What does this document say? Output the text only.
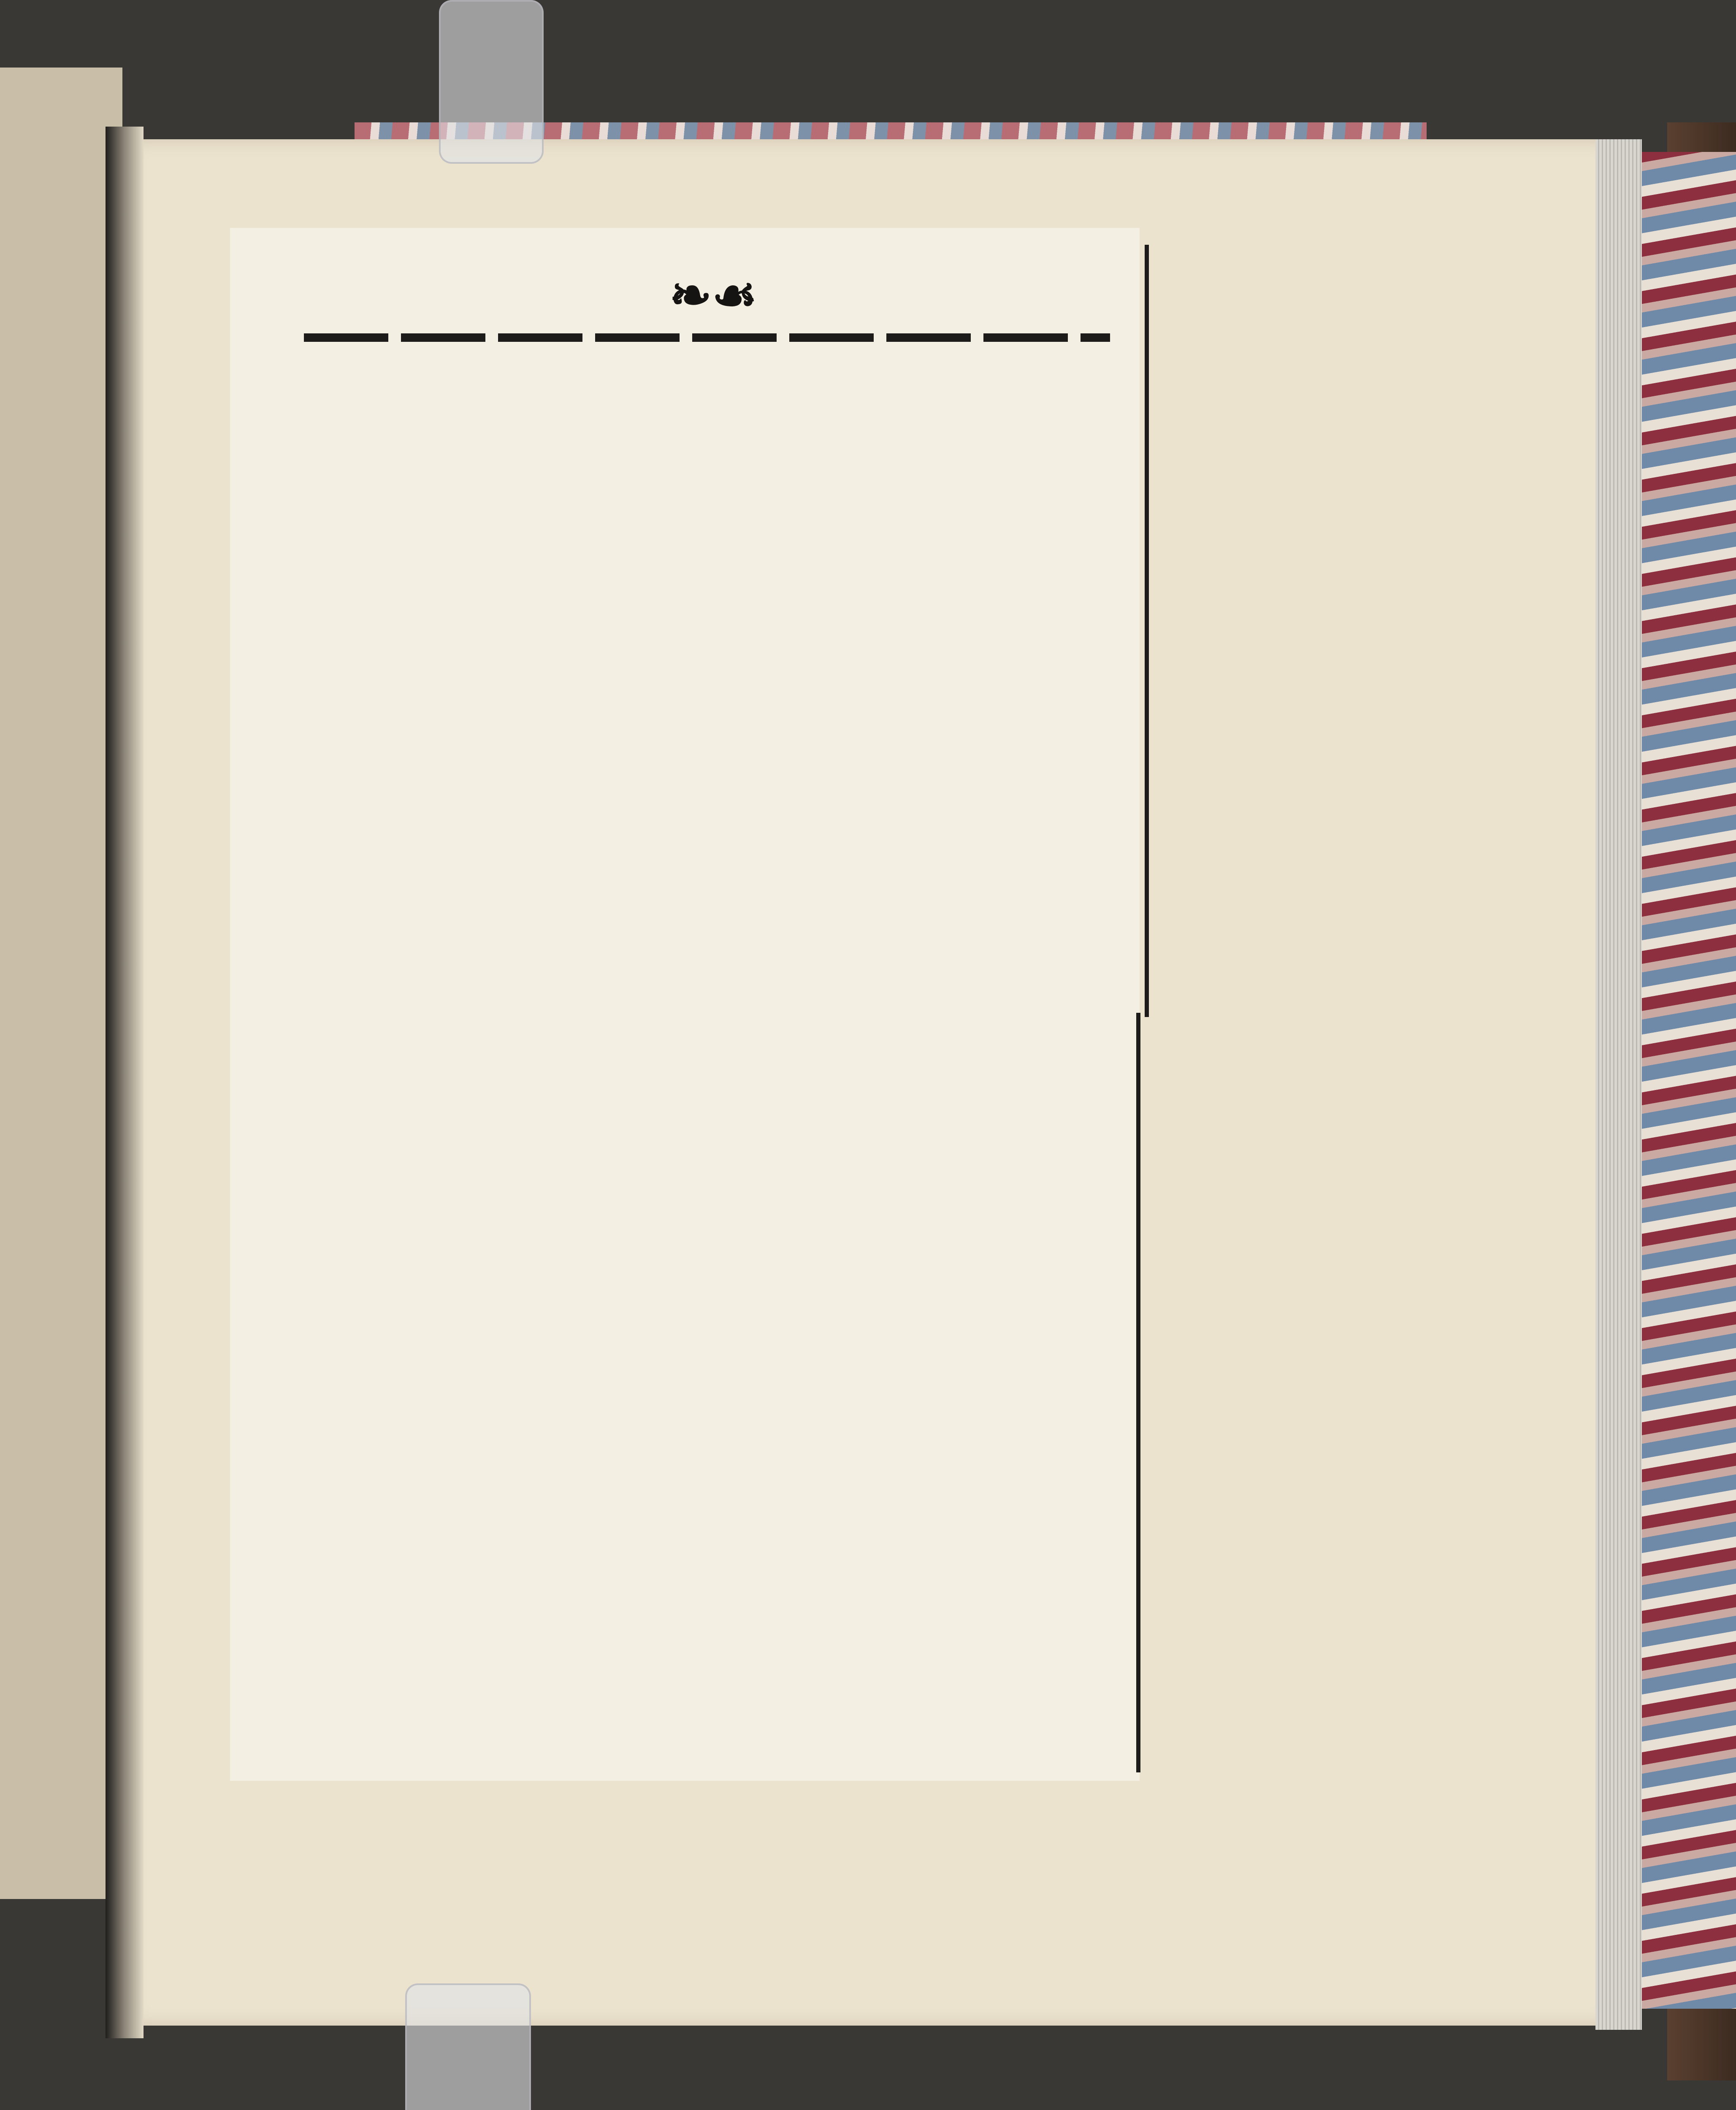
❧☙
